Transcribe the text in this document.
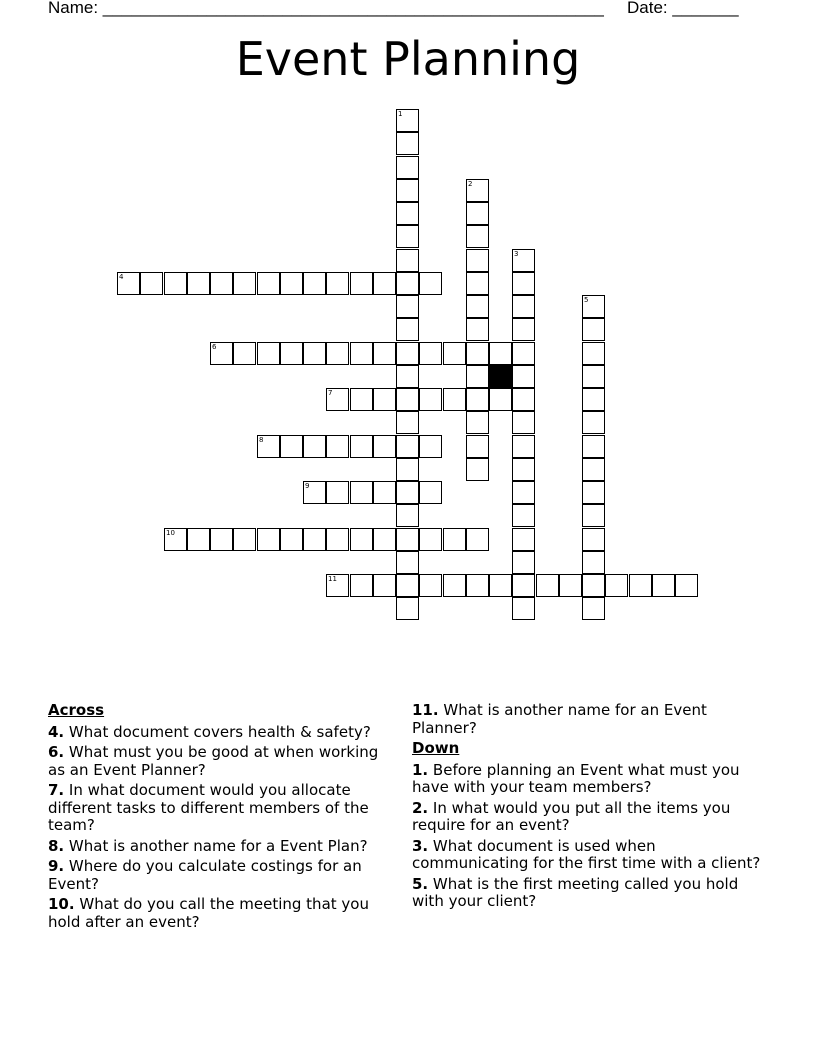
Name: _____________________________________________________ Date: _______
Event Planning
4
6
7
8
9
10
11
1
2
3
5
Across
4. What document covers health & safety?
6. What must you be good at when working as an Event Planner?
7. In what document would you allocate different tasks to different members of the team?
8. What is another name for a Event Plan?
9. Where do you calculate costings for an Event?
10. What do you call the meeting that you hold after an event?
11. What is another name for an Event Planner?
Down
1. Before planning an Event what must you have with your team members?
2. In what would you put all the items you require for an event?
3. What document is used when communicating for the first time with a client?
5. What is the first meeting called you hold with your client?
